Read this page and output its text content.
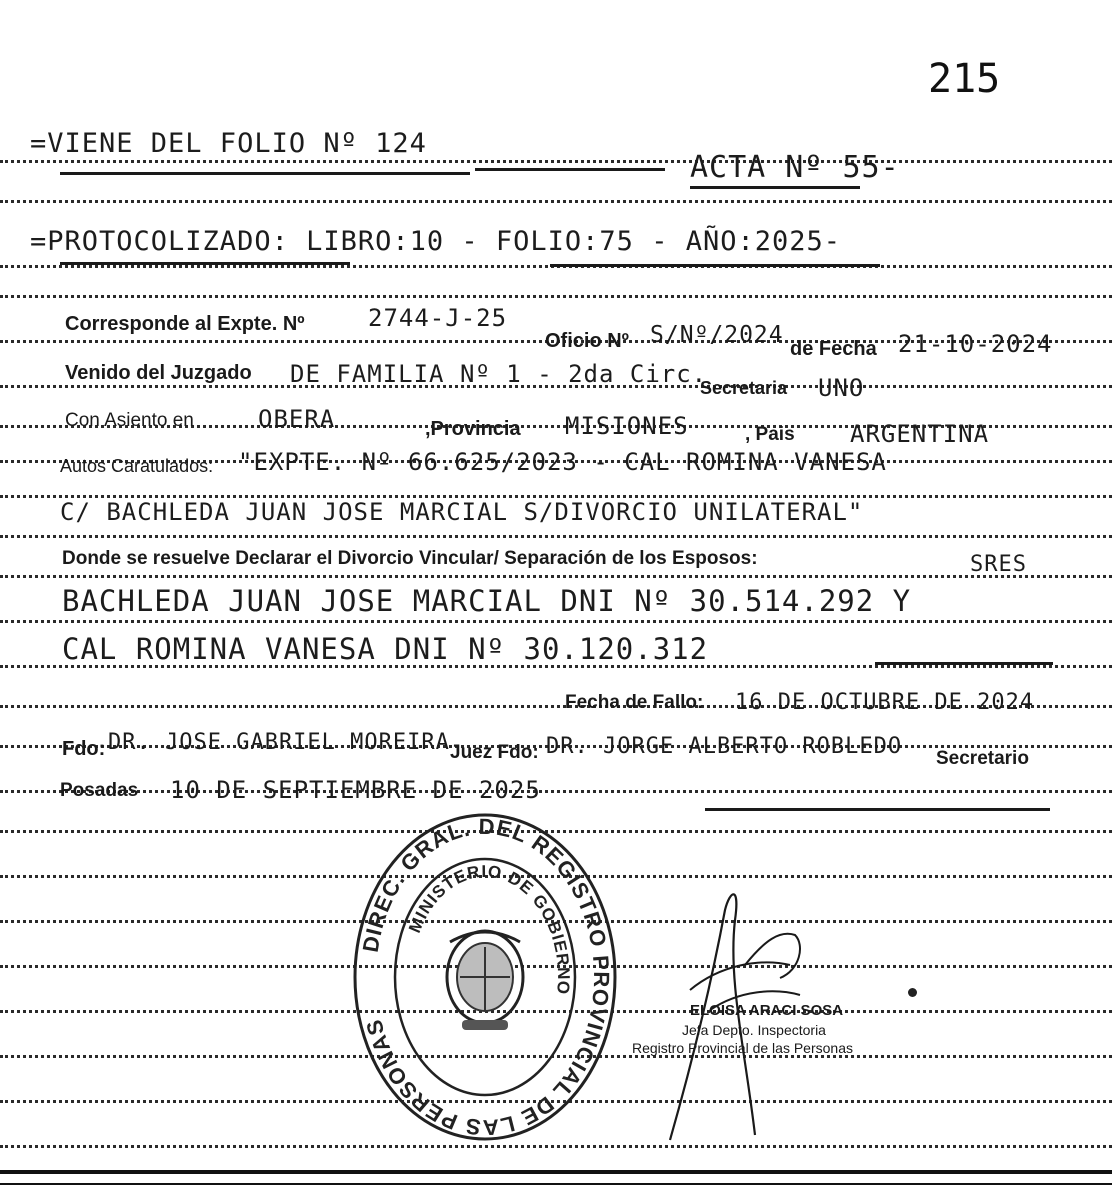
215
=VIENE DEL FOLIO Nº 124
ACTA Nº 55-
=PROTOCOLIZADO: LIBRO:10 - FOLIO:75 - AÑO:2025-
Corresponde al Expte. Nº	2744-J-25
Oficio Nº S/Nº/2024
de Fecha 21-10-2024
Venido del Juzgado DE FAMILIA Nº 1 - 2da Circ.
Secretaria UNO
Con Asiento en	OBERA	,Provincia MISIONES	, Pais ARGENTINA
Autos Caratulados: "EXPTE. Nº 66.625/2023 - CAL ROMINA VANESA
C/ BACHLEDA JUAN JOSE MARCIAL S/DIVORCIO UNILATERAL"
Donde se resuelve Declarar el Divorcio Vincular/ Separación de los Esposos:	SRES
BACHLEDA JUAN JOSE MARCIAL DNI Nº 30.514.292 Y
CAL ROMINA VANESA DNI Nº 30.120.312
Fecha de Fallo: 16 DE OCTUBRE DE 2024
Fdo: DR. JOSE GABRIEL MOREIRA Juez Fdo: DR. JORGE ALBERTO ROBLEDO Secretario
Posadas 10 DE SEPTIEMBRE DE 2025
DIREC. GRAL. DEL REGISTRO PROVINCIAL DE LAS PERSONAS
MINISTERIO DE GOBIERNO
ELOISA ARACI SOSA
Jefa Depto. Inspectoria
Registro Provincial de las Personas
